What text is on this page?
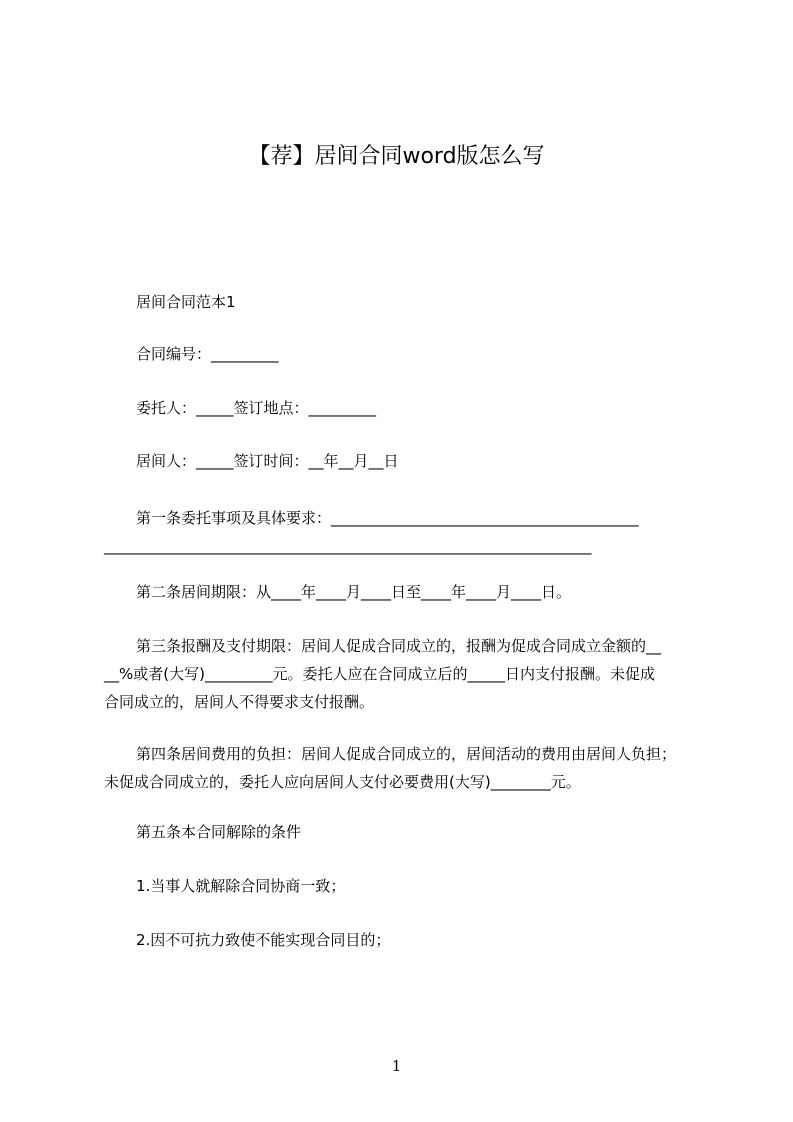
【荐】居间合同word版怎么写
居间合同范本1
合同编号：_________
委托人：_____签订地点：_________
居间人：_____签订时间：__年__月__日
第一条委托事项及具体要求：_________________________________________
_________________________________________________________________
第二条居间期限：从____年____月____日至____年____月____日。
第三条报酬及支付期限：居间人促成合同成立的，报酬为促成合同成立金额的__
__%或者(大写)_________元。委托人应在合同成立后的_____日内支付报酬。未促成
合同成立的，居间人不得要求支付报酬。
第四条居间费用的负担：居间人促成合同成立的，居间活动的费用由居间人负担；
未促成合同成立的，委托人应向居间人支付必要费用(大写)________元。
第五条本合同解除的条件
1.当事人就解除合同协商一致；
2.因不可抗力致使不能实现合同目的；
1
